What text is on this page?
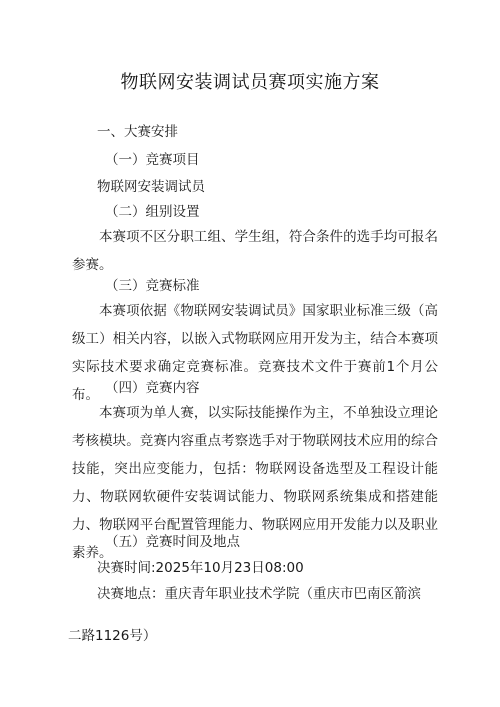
物联网安装调试员赛项实施方案
一、大赛安排
（一）竞赛项目
物联网安装调试员
（二）组别设置
本赛项不区分职工组、学生组，符合条件的选手均可报名参赛。
（三）竞赛标准
本赛项依据《物联网安装调试员》国家职业标准三级（高级工）相关内容，以嵌入式物联网应用开发为主，结合本赛项实际技术要求确定竞赛标准。竞赛技术文件于赛前1个月公布。 （四）竞赛内容
本赛项为单人赛，以实际技能操作为主，不单独设立理论考核模块。竞赛内容重点考察选手对于物联网技术应用的综合技能，突出应变能力，包括：物联网设备选型及工程设计能力、物联网软硬件安装调试能力、物联网系统集成和搭建能力、物联网平台配置管理能力、物联网应用开发能力以及职业素养。
（五）竞赛时间及地点
决赛时间:2025年10月23日08:00
决赛地点：重庆青年职业技术学院（重庆市巴南区箭滨
二路1126号）
